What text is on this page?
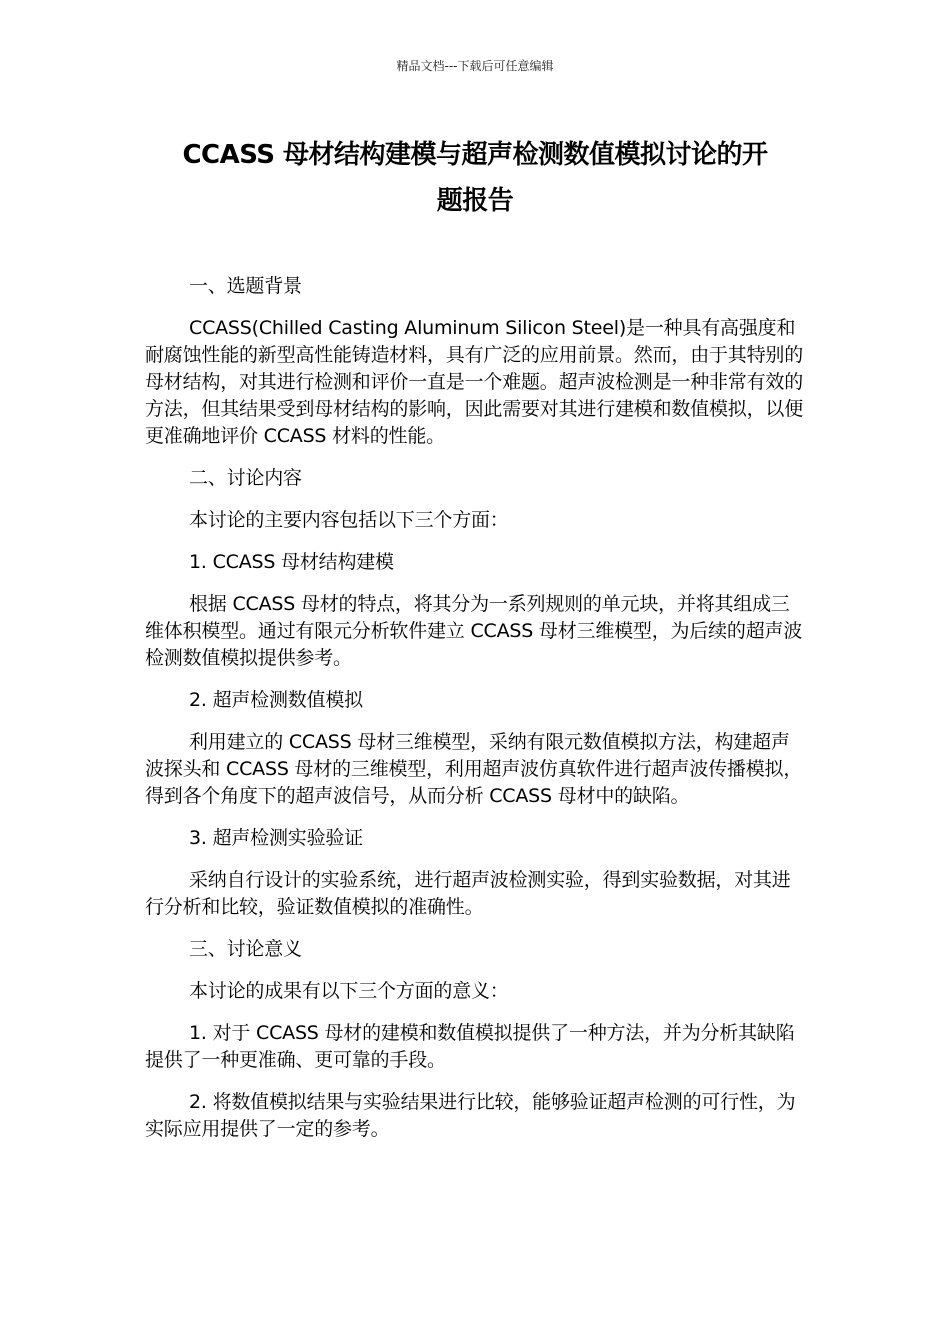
精品文档---下载后可任意编辑
CCASS 母材结构建模与超声检测数值模拟讨论的开
题报告

一、选题背景

CCASS(Chilled Casting Aluminum Silicon Steel)是一种具有高强度和耐腐蚀性能的新型高性能铸造材料，具有广泛的应用前景。然而，由于其特别的母材结构，对其进行检测和评价一直是一个难题。超声波检测是一种非常有效的方法，但其结果受到母材结构的影响，因此需要对其进行建模和数值模拟，以便更准确地评价 CCASS 材料的性能。

二、讨论内容

本讨论的主要内容包括以下三个方面：

1. CCASS 母材结构建模

根据 CCASS 母材的特点，将其分为一系列规则的单元块，并将其组成三维体积模型。通过有限元分析软件建立 CCASS 母材三维模型，为后续的超声波检测数值模拟提供参考。

2. 超声检测数值模拟

利用建立的 CCASS 母材三维模型，采纳有限元数值模拟方法，构建超声波探头和 CCASS 母材的三维模型，利用超声波仿真软件进行超声波传播模拟，得到各个角度下的超声波信号，从而分析 CCASS 母材中的缺陷。

3. 超声检测实验验证

采纳自行设计的实验系统，进行超声波检测实验，得到实验数据，对其进行分析和比较，验证数值模拟的准确性。

三、讨论意义

本讨论的成果有以下三个方面的意义：

1. 对于 CCASS 母材的建模和数值模拟提供了一种方法，并为分析其缺陷提供了一种更准确、更可靠的手段。

2. 将数值模拟结果与实验结果进行比较，能够验证超声检测的可行性，为实际应用提供了一定的参考。
